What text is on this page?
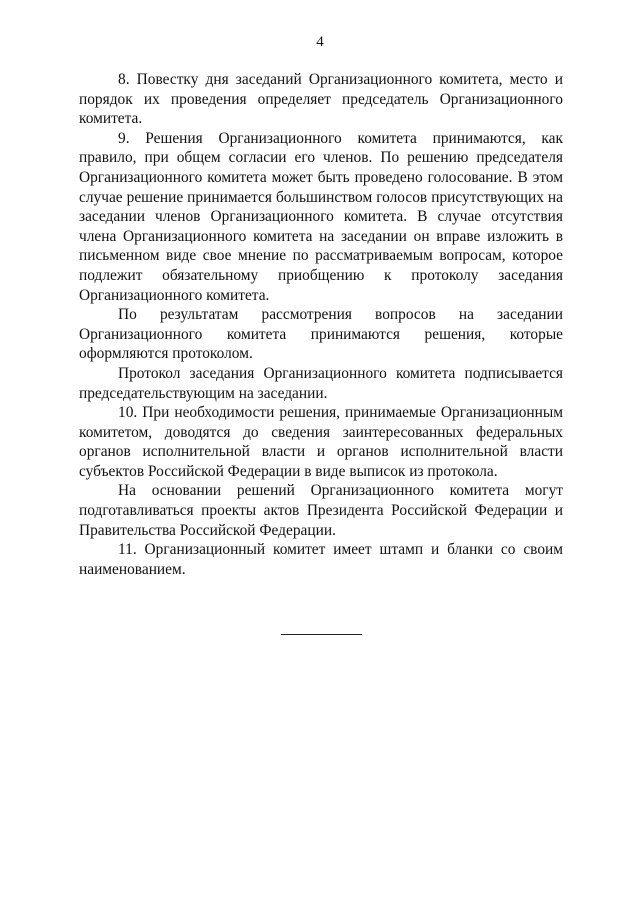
4

8. Повестку дня заседаний Организационного комитета, место и порядок их проведения определяет председатель Организационного комитета.

9. Решения Организационного комитета принимаются, как правило, при общем согласии его членов. По решению председателя Организационного комитета может быть проведено голосование. В этом случае решение принимается большинством голосов присутствующих на заседании членов Организационного комитета. В случае отсутствия члена Организационного комитета на заседании он вправе изложить в письменном виде свое мнение по рассматриваемым вопросам, которое подлежит обязательному приобщению к протоколу заседания Организационного комитета.

По результатам рассмотрения вопросов на заседании Организационного комитета принимаются решения, которые оформляются протоколом.

Протокол заседания Организационного комитета подписывается председательствующим на заседании.

10. При необходимости решения, принимаемые Организационным комитетом, доводятся до сведения заинтересованных федеральных органов исполнительной власти и органов исполнительной власти субъектов Российской Федерации в виде выписок из протокола.

На основании решений Организационного комитета могут подготавливаться проекты актов Президента Российской Федерации и Правительства Российской Федерации.

11. Организационный комитет имеет штамп и бланки со своим наименованием.
